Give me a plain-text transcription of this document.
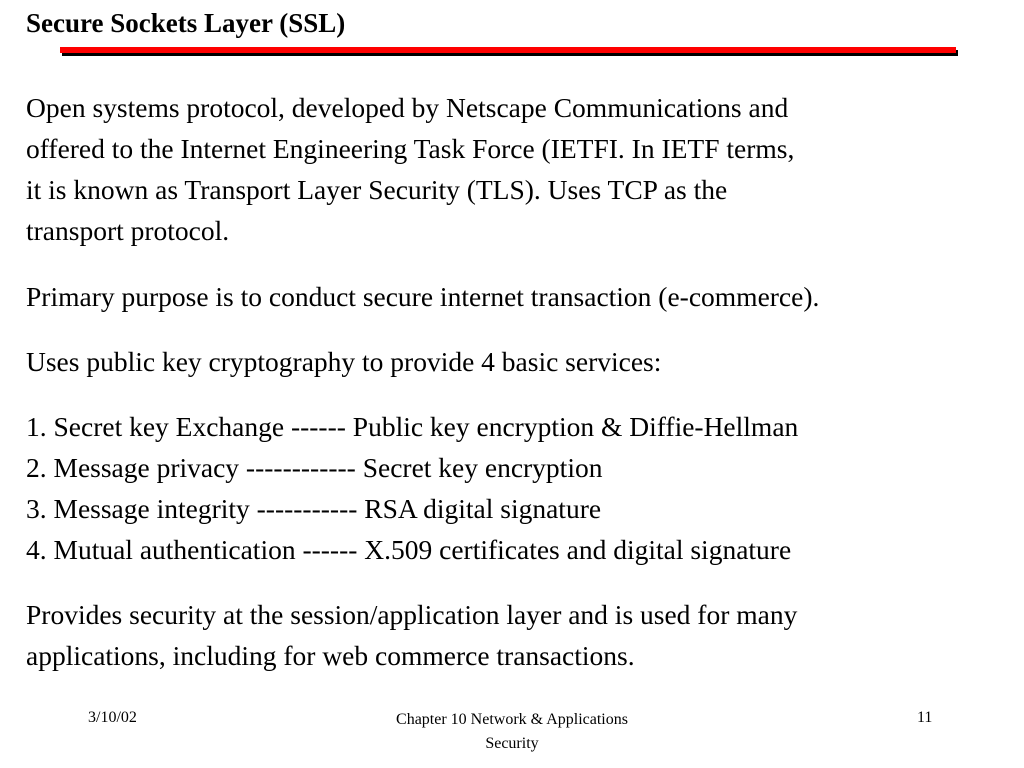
Secure Sockets Layer (SSL)

Open systems protocol, developed by Netscape Communications and
offered to the Internet Engineering Task Force (IETFI. In IETF terms,
it is known as Transport Layer Security (TLS). Uses TCP as the
transport protocol.

Primary purpose is to conduct secure internet transaction (e-commerce).

Uses public key cryptography to provide 4 basic services:

1. Secret key Exchange ------ Public key encryption & Diffie-Hellman
2. Message privacy ------------ Secret key encryption
3. Message integrity ----------- RSA digital signature
4. Mutual authentication ------ X.509 certificates and digital signature

Provides security at the session/application layer and is used for many
applications, including for web commerce transactions.

3/10/02	Chapter 10 Network & Applications
Security
11
